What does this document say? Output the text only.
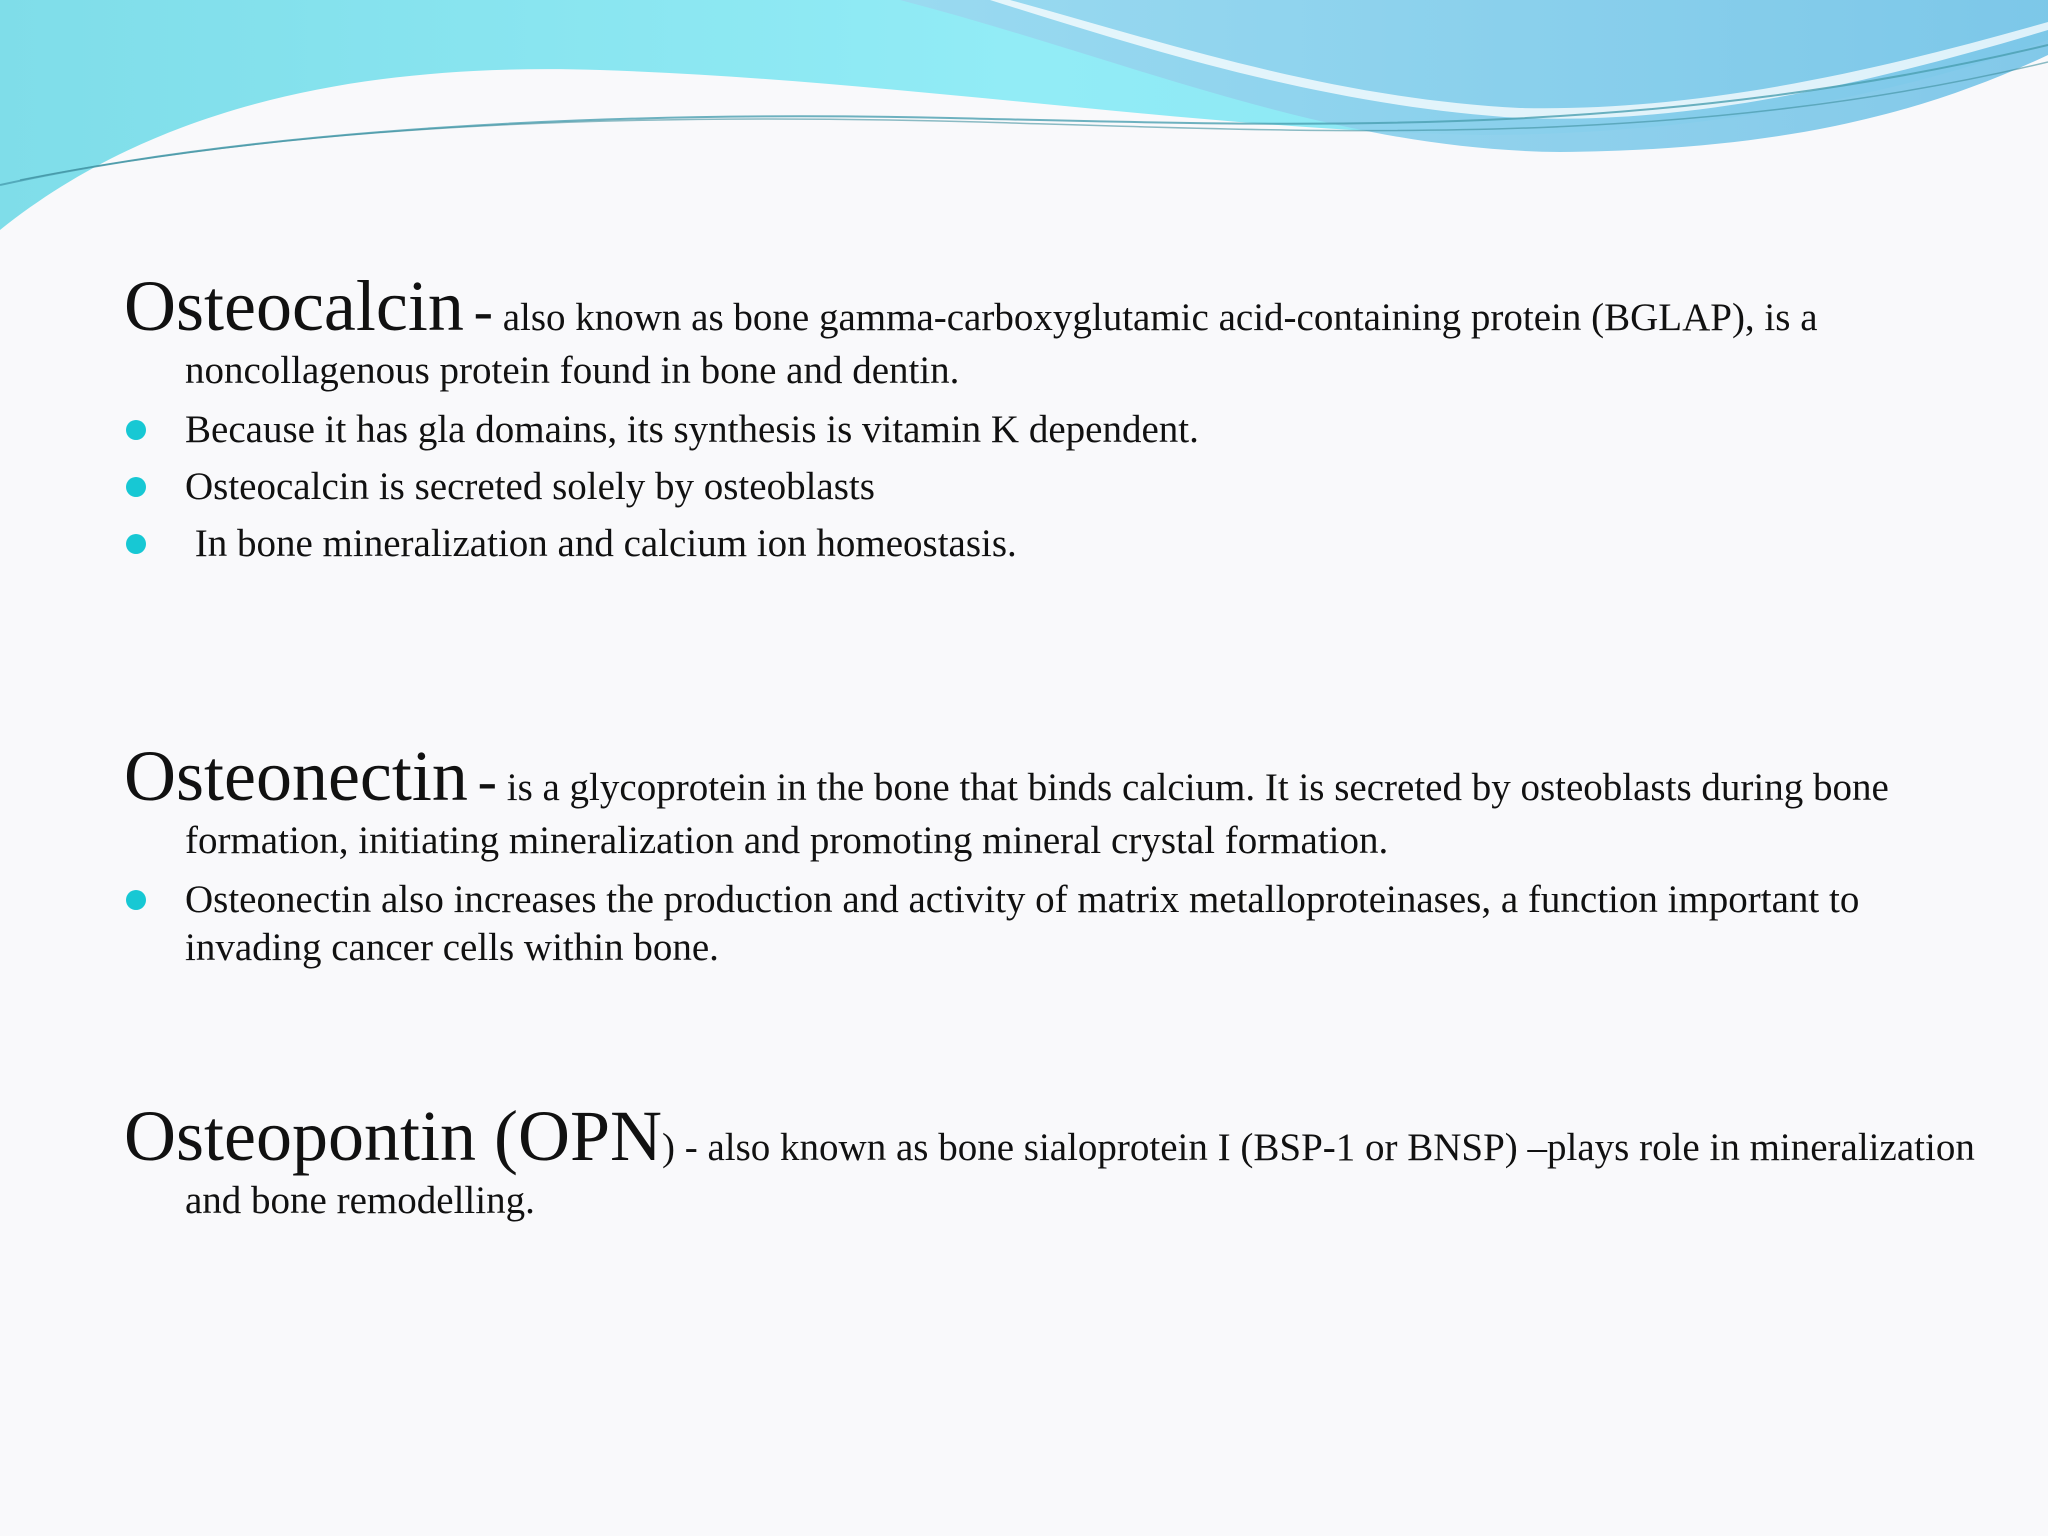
Osteocalcin - also known as bone gamma-carboxyglutamic acid-containing protein (BGLAP), is a noncollagenous protein found in bone and dentin.

Because it has gla domains, its synthesis is vitamin K dependent.
Osteocalcin is secreted solely by osteoblasts
In bone mineralization and calcium ion homeostasis.

Osteonectin - is a glycoprotein in the bone that binds calcium. It is secreted by osteoblasts during bone formation, initiating mineralization and promoting mineral crystal formation.

Osteonectin also increases the production and activity of matrix metalloproteinases, a function important to invading cancer cells within bone.

Osteopontin (OPN) - also known as bone sialoprotein I (BSP-1 or BNSP) –plays role in mineralization and bone remodelling.
